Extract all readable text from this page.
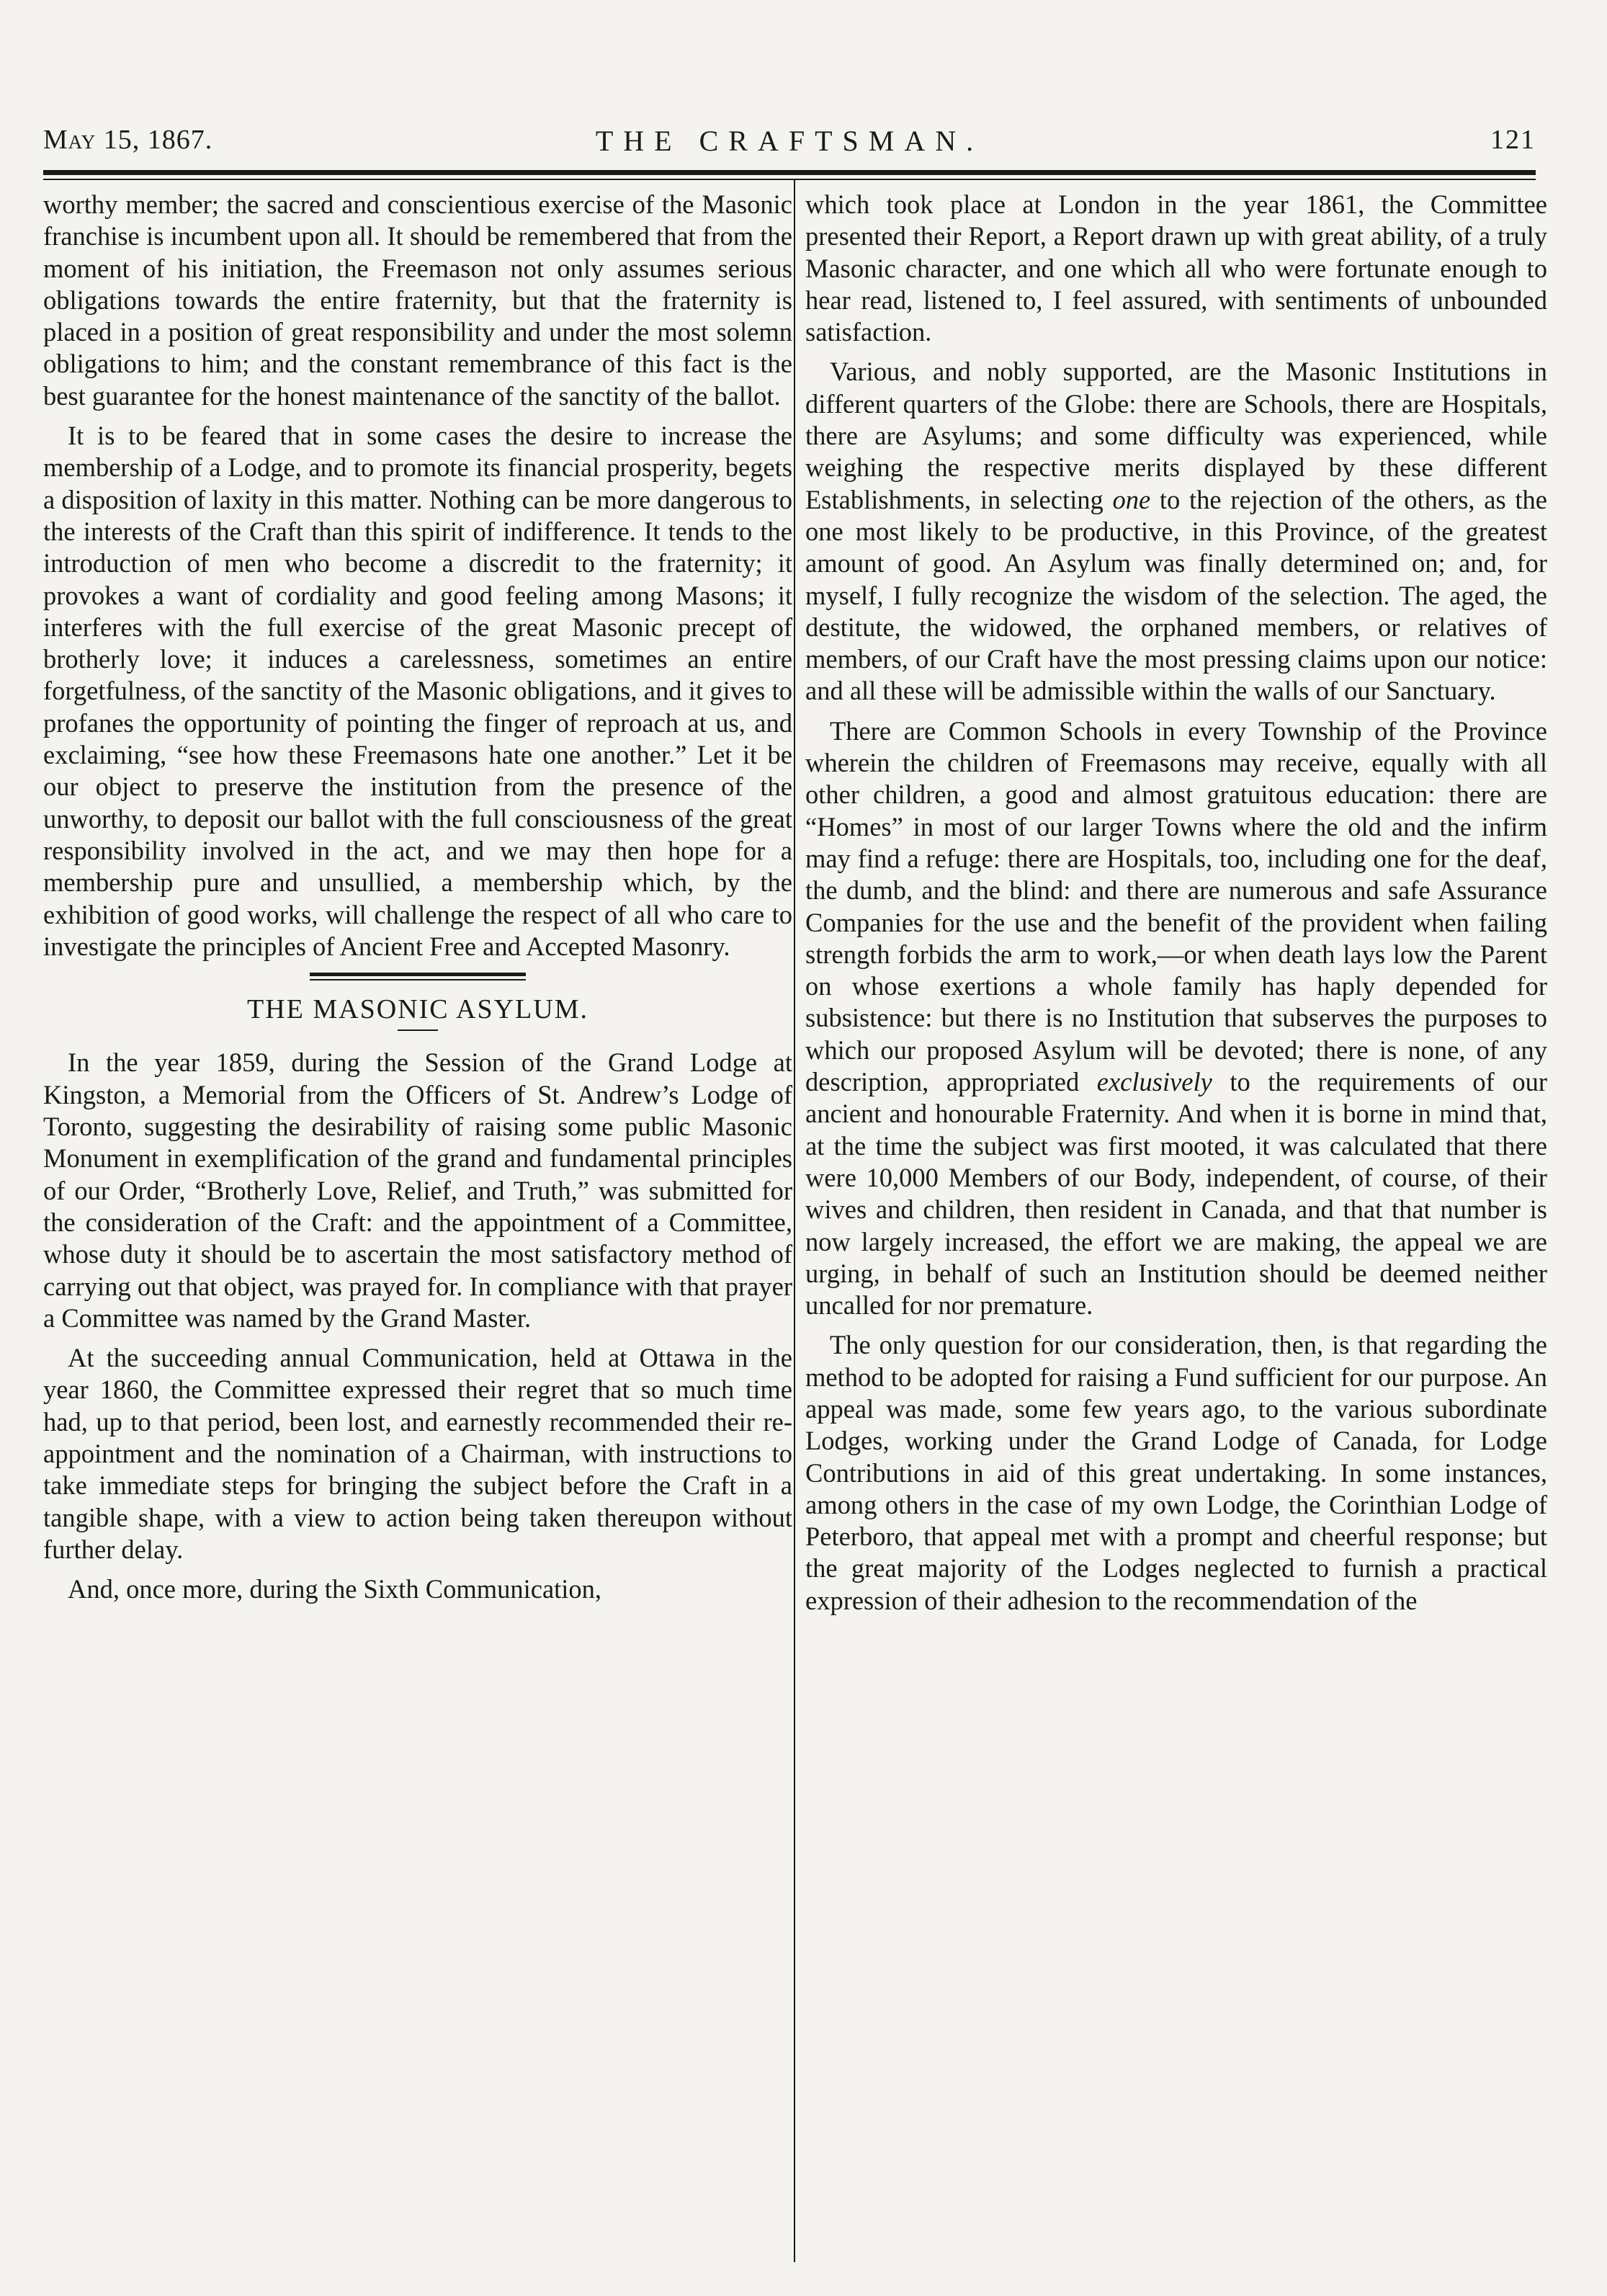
May 15, 1867.	THE CRAFTSMAN.	121

worthy member; the sacred and conscientious exercise of the Masonic franchise is incumbent upon all. It should be remembered that from the moment of his initiation, the Freemason not only assumes serious obligations towards the entire fraternity, but that the fraternity is placed in a position of great responsibility and under the most solemn obligations to him; and the constant remembrance of this fact is the best guarantee for the honest maintenance of the sanctity of the ballot.

It is to be feared that in some cases the desire to increase the membership of a Lodge, and to promote its financial prosperity, begets a disposition of laxity in this matter. Nothing can be more dangerous to the interests of the Craft than this spirit of indifference. It tends to the introduction of men who become a discredit to the fraternity; it provokes a want of cordiality and good feeling among Masons; it interferes with the full exercise of the great Masonic precept of brotherly love; it induces a carelessness, sometimes an entire forgetfulness, of the sanctity of the Masonic obligations, and it gives to profanes the opportunity of pointing the finger of reproach at us, and exclaiming, “see how these Freemasons hate one another.” Let it be our object to preserve the institution from the presence of the unworthy, to deposit our ballot with the full consciousness of the great responsibility involved in the act, and we may then hope for a membership pure and unsullied, a membership which, by the exhibition of good works, will challenge the respect of all who care to investigate the principles of Ancient Free and Accepted Masonry.

THE MASONIC ASYLUM.

In the year 1859, during the Session of the Grand Lodge at Kingston, a Memorial from the Officers of St. Andrew’s Lodge of Toronto, suggesting the desirability of raising some public Masonic Monument in exemplification of the grand and fundamental principles of our Order, “Brotherly Love, Relief, and Truth,” was submitted for the consideration of the Craft: and the appointment of a Committee, whose duty it should be to ascertain the most satisfactory method of carrying out that object, was prayed for. In compliance with that prayer a Committee was named by the Grand Master.

At the succeeding annual Communication, held at Ottawa in the year 1860, the Committee expressed their regret that so much time had, up to that period, been lost, and earnestly recommended their re-appointment and the nomination of a Chairman, with instructions to take immediate steps for bringing the subject before the Craft in a tangible shape, with a view to action being taken thereupon without further delay.

And, once more, during the Sixth Communication,

which took place at London in the year 1861, the Committee presented their Report, a Report drawn up with great ability, of a truly Masonic character, and one which all who were fortunate enough to hear read, listened to, I feel assured, with sentiments of unbounded satisfaction.

Various, and nobly supported, are the Masonic Institutions in different quarters of the Globe: there are Schools, there are Hospitals, there are Asylums; and some difficulty was experienced, while weighing the respective merits displayed by these different Establishments, in selecting one to the rejection of the others, as the one most likely to be productive, in this Province, of the greatest amount of good. An Asylum was finally determined on; and, for myself, I fully recognize the wisdom of the selection. The aged, the destitute, the widowed, the orphaned members, or relatives of members, of our Craft have the most pressing claims upon our notice: and all these will be admissible within the walls of our Sanctuary.

There are Common Schools in every Township of the Province wherein the children of Freemasons may receive, equally with all other children, a good and almost gratuitous education: there are “Homes” in most of our larger Towns where the old and the infirm may find a refuge: there are Hospitals, too, including one for the deaf, the dumb, and the blind: and there are numerous and safe Assurance Companies for the use and the benefit of the provident when failing strength forbids the arm to work,—or when death lays low the Parent on whose exertions a whole family has haply depended for subsistence: but there is no Institution that subserves the purposes to which our proposed Asylum will be devoted; there is none, of any description, appropriated exclusively to the requirements of our ancient and honourable Fraternity. And when it is borne in mind that, at the time the subject was first mooted, it was calculated that there were 10,000 Members of our Body, independent, of course, of their wives and children, then resident in Canada, and that that number is now largely increased, the effort we are making, the appeal we are urging, in behalf of such an Institution should be deemed neither uncalled for nor premature.

The only question for our consideration, then, is that regarding the method to be adopted for raising a Fund sufficient for our purpose. An appeal was made, some few years ago, to the various subordinate Lodges, working under the Grand Lodge of Canada, for Lodge Contributions in aid of this great undertaking. In some instances, among others in the case of my own Lodge, the Corinthian Lodge of Peterboro, that appeal met with a prompt and cheerful response; but the great majority of the Lodges neglected to furnish a practical expression of their adhesion to the recommendation of the
